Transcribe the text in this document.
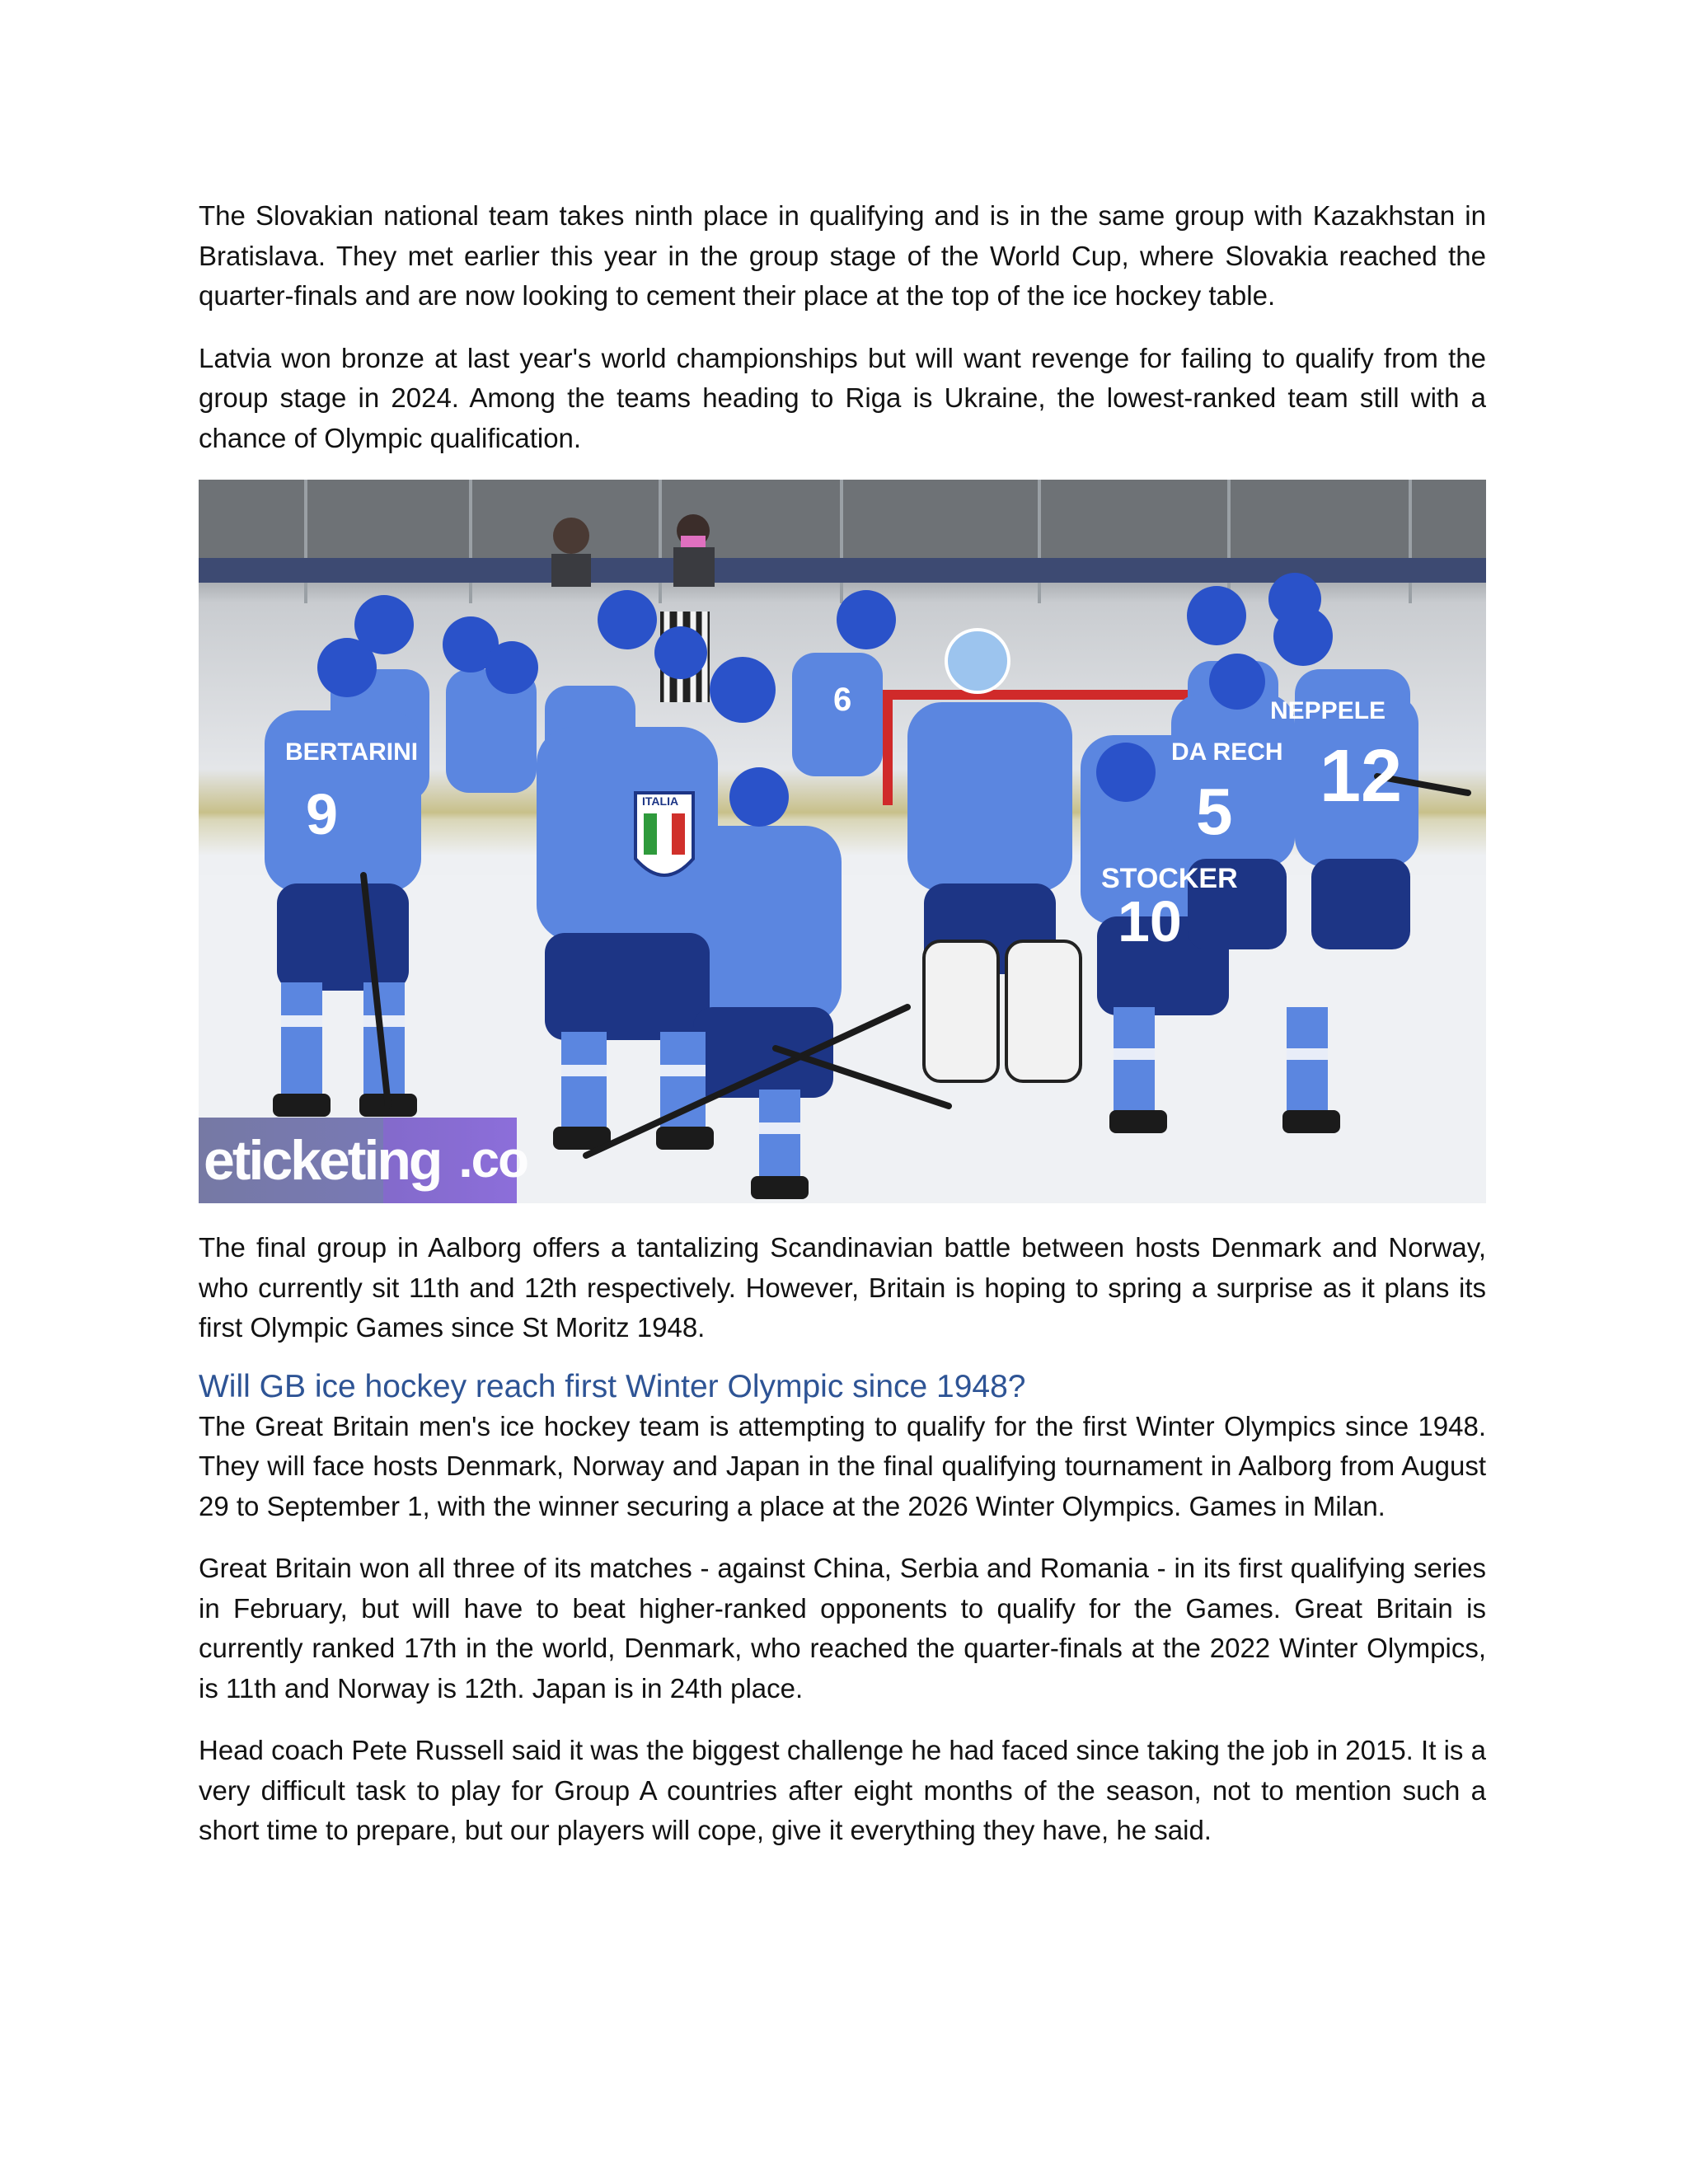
The Slovakian national team takes ninth place in qualifying and is in the same group with Kazakhstan in Bratislava. They met earlier this year in the group stage of the World Cup, where Slovakia reached the quarter-finals and are now looking to cement their place at the top of the ice hockey table.

Latvia won bronze at last year's world championships but will want revenge for failing to qualify from the group stage in 2024. Among the teams heading to Riga is Ukraine, the lowest-ranked team still with a chance of Olympic qualification.

BERTARINI
9
STOCKER
10
NEPPELE
12
DA RECH
5
6
ITALIA
eticketing .co

The final group in Aalborg offers a tantalizing Scandinavian battle between hosts Denmark and Norway, who currently sit 11th and 12th respectively. However, Britain is hoping to spring a surprise as it plans its first Olympic Games since St Moritz 1948.

Will GB ice hockey reach first Winter Olympic since 1948?

The Great Britain men's ice hockey team is attempting to qualify for the first Winter Olympics since 1948. They will face hosts Denmark, Norway and Japan in the final qualifying tournament in Aalborg from August 29 to September 1, with the winner securing a place at the 2026 Winter Olympics. Games in Milan.

Great Britain won all three of its matches - against China, Serbia and Romania - in its first qualifying series in February, but will have to beat higher-ranked opponents to qualify for the Games. Great Britain is currently ranked 17th in the world, Denmark, who reached the quarter-finals at the 2022 Winter Olympics, is 11th and Norway is 12th. Japan is in 24th place.

Head coach Pete Russell said it was the biggest challenge he had faced since taking the job in 2015. It is a very difficult task to play for Group A countries after eight months of the season, not to mention such a short time to prepare, but our players will cope, give it everything they have, he said.
